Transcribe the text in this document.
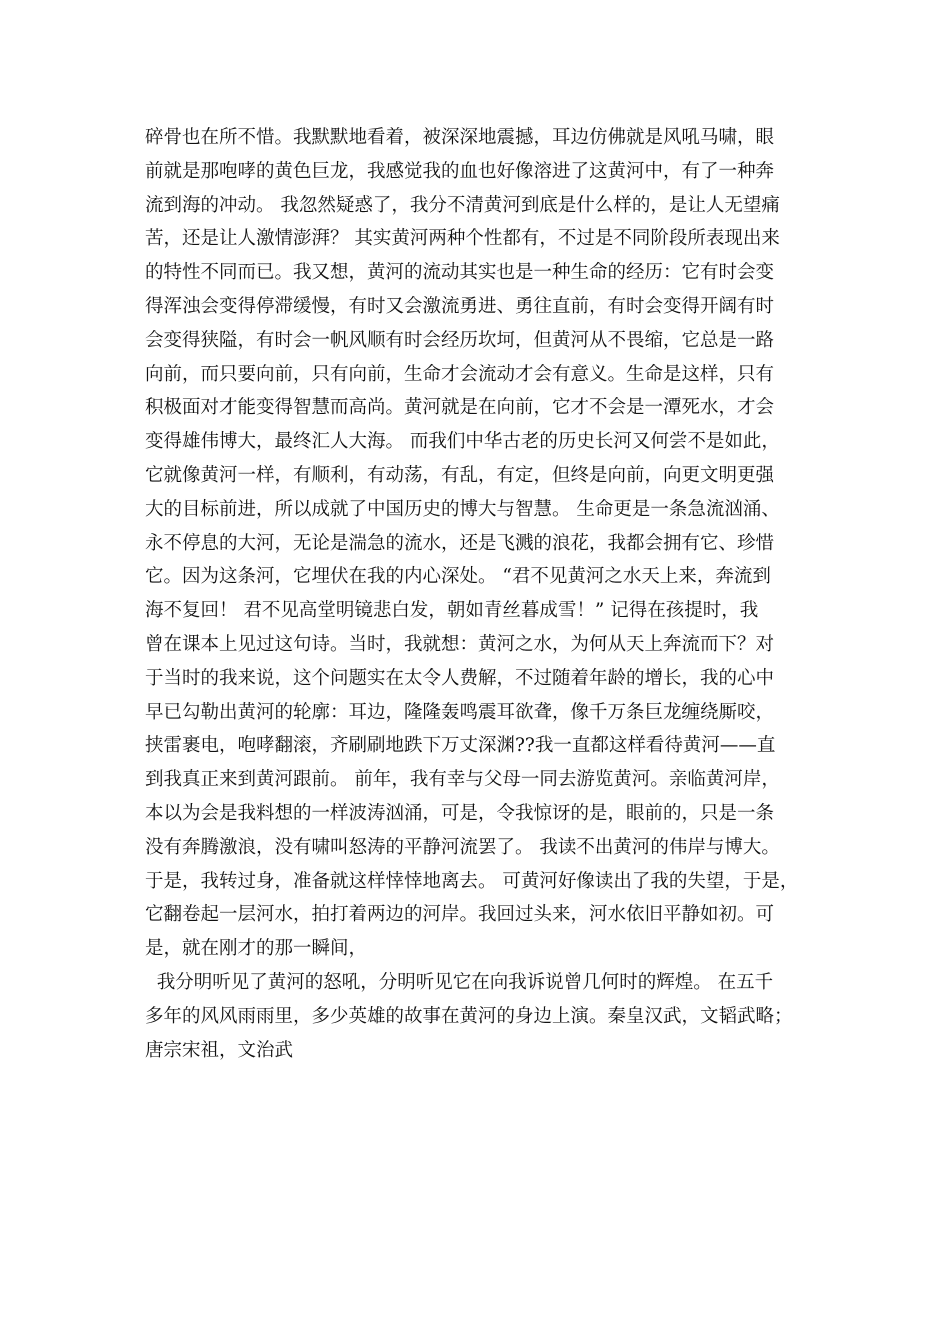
碎骨也在所不惜。我默默地看着，被深深地震撼，耳边仿佛就是风吼马啸，眼
前就是那咆哮的黄色巨龙，我感觉我的血也好像溶进了这黄河中，有了一种奔
流到海的冲动。 我忽然疑惑了，我分不清黄河到底是什么样的，是让人无望痛
苦，还是让人激情澎湃？ 其实黄河两种个性都有，不过是不同阶段所表现出来
的特性不同而已。我又想，黄河的流动其实也是一种生命的经历：它有时会变
得浑浊会变得停滞缓慢，有时又会激流勇进、勇往直前，有时会变得开阔有时
会变得狭隘，有时会一帆风顺有时会经历坎坷，但黄河从不畏缩，它总是一路
向前，而只要向前，只有向前，生命才会流动才会有意义。生命是这样，只有
积极面对才能变得智慧而高尚。黄河就是在向前，它才不会是一潭死水，才会
变得雄伟博大，最终汇人大海。 而我们中华古老的历史长河又何尝不是如此，
它就像黄河一样，有顺利，有动荡，有乱，有定，但终是向前，向更文明更强
大的目标前进，所以成就了中国历史的博大与智慧。 生命更是一条急流汹涌、
永不停息的大河，无论是湍急的流水，还是飞溅的浪花，我都会拥有它、珍惜
它。因为这条河，它埋伏在我的内心深处。 “君不见黄河之水天上来，奔流到
海不复回！ 君不见高堂明镜悲白发，朝如青丝暮成雪！” 记得在孩提时，我
曾在课本上见过这句诗。当时，我就想：黄河之水，为何从天上奔流而下？对
于当时的我来说，这个问题实在太令人费解，不过随着年龄的增长，我的心中
早已勾勒出黄河的轮廓：耳边，隆隆轰鸣震耳欲聋，像千万条巨龙缠绕厮咬，
挟雷裹电，咆哮翻滚，齐刷刷地跌下万丈深渊??我一直都这样看待黄河——直
到我真正来到黄河跟前。 前年，我有幸与父母一同去游览黄河。亲临黄河岸，
本以为会是我料想的一样波涛汹涌，可是，令我惊讶的是，眼前的，只是一条
没有奔腾激浪，没有啸叫怒涛的平静河流罢了。 我读不出黄河的伟岸与博大。
于是，我转过身，准备就这样悻悻地离去。 可黄河好像读出了我的失望，于是，
它翻卷起一层河水，拍打着两边的河岸。我回过头来，河水依旧平静如初。可
是，就在刚才的那一瞬间，
我分明听见了黄河的怒吼，分明听见它在向我诉说曾几何时的辉煌。 在五千
多年的风风雨雨里，多少英雄的故事在黄河的身边上演。秦皇汉武，文韬武略；
唐宗宋祖，文治武
